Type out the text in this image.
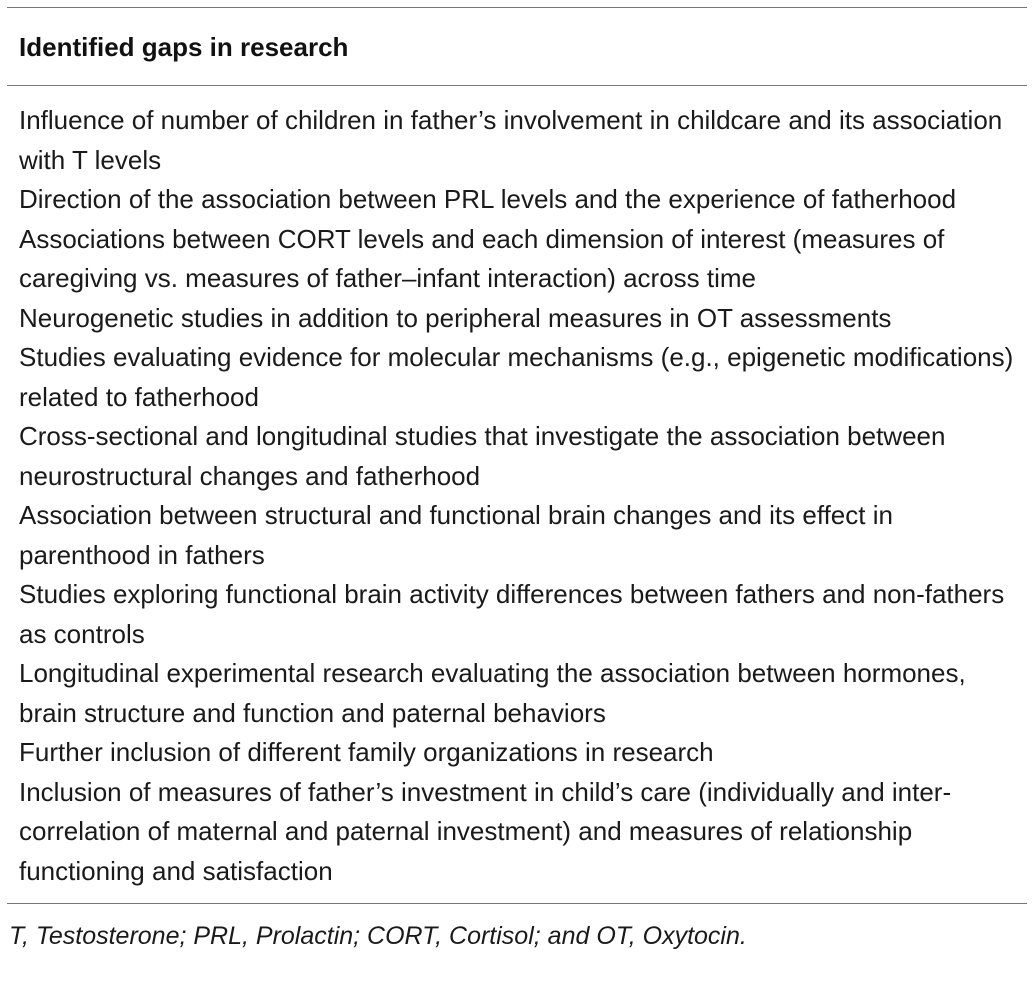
Identified gaps in research
Influence of number of children in father’s involvement in childcare and its association with T levels
Direction of the association between PRL levels and the experience of fatherhood
Associations between CORT levels and each dimension of interest (measures of caregiving vs. measures of father–infant interaction) across time
Neurogenetic studies in addition to peripheral measures in OT assessments
Studies evaluating evidence for molecular mechanisms (e.g., epigenetic modifications) related to fatherhood
Cross-sectional and longitudinal studies that investigate the association between neurostructural changes and fatherhood
Association between structural and functional brain changes and its effect in parenthood in fathers
Studies exploring functional brain activity differences between fathers and non-fathers as controls
Longitudinal experimental research evaluating the association between hormones, brain structure and function and paternal behaviors
Further inclusion of different family organizations in research
Inclusion of measures of father’s investment in child’s care (individually and inter-correlation of maternal and paternal investment) and measures of relationship functioning and satisfaction
T, Testosterone; PRL, Prolactin; CORT, Cortisol; and OT, Oxytocin.
